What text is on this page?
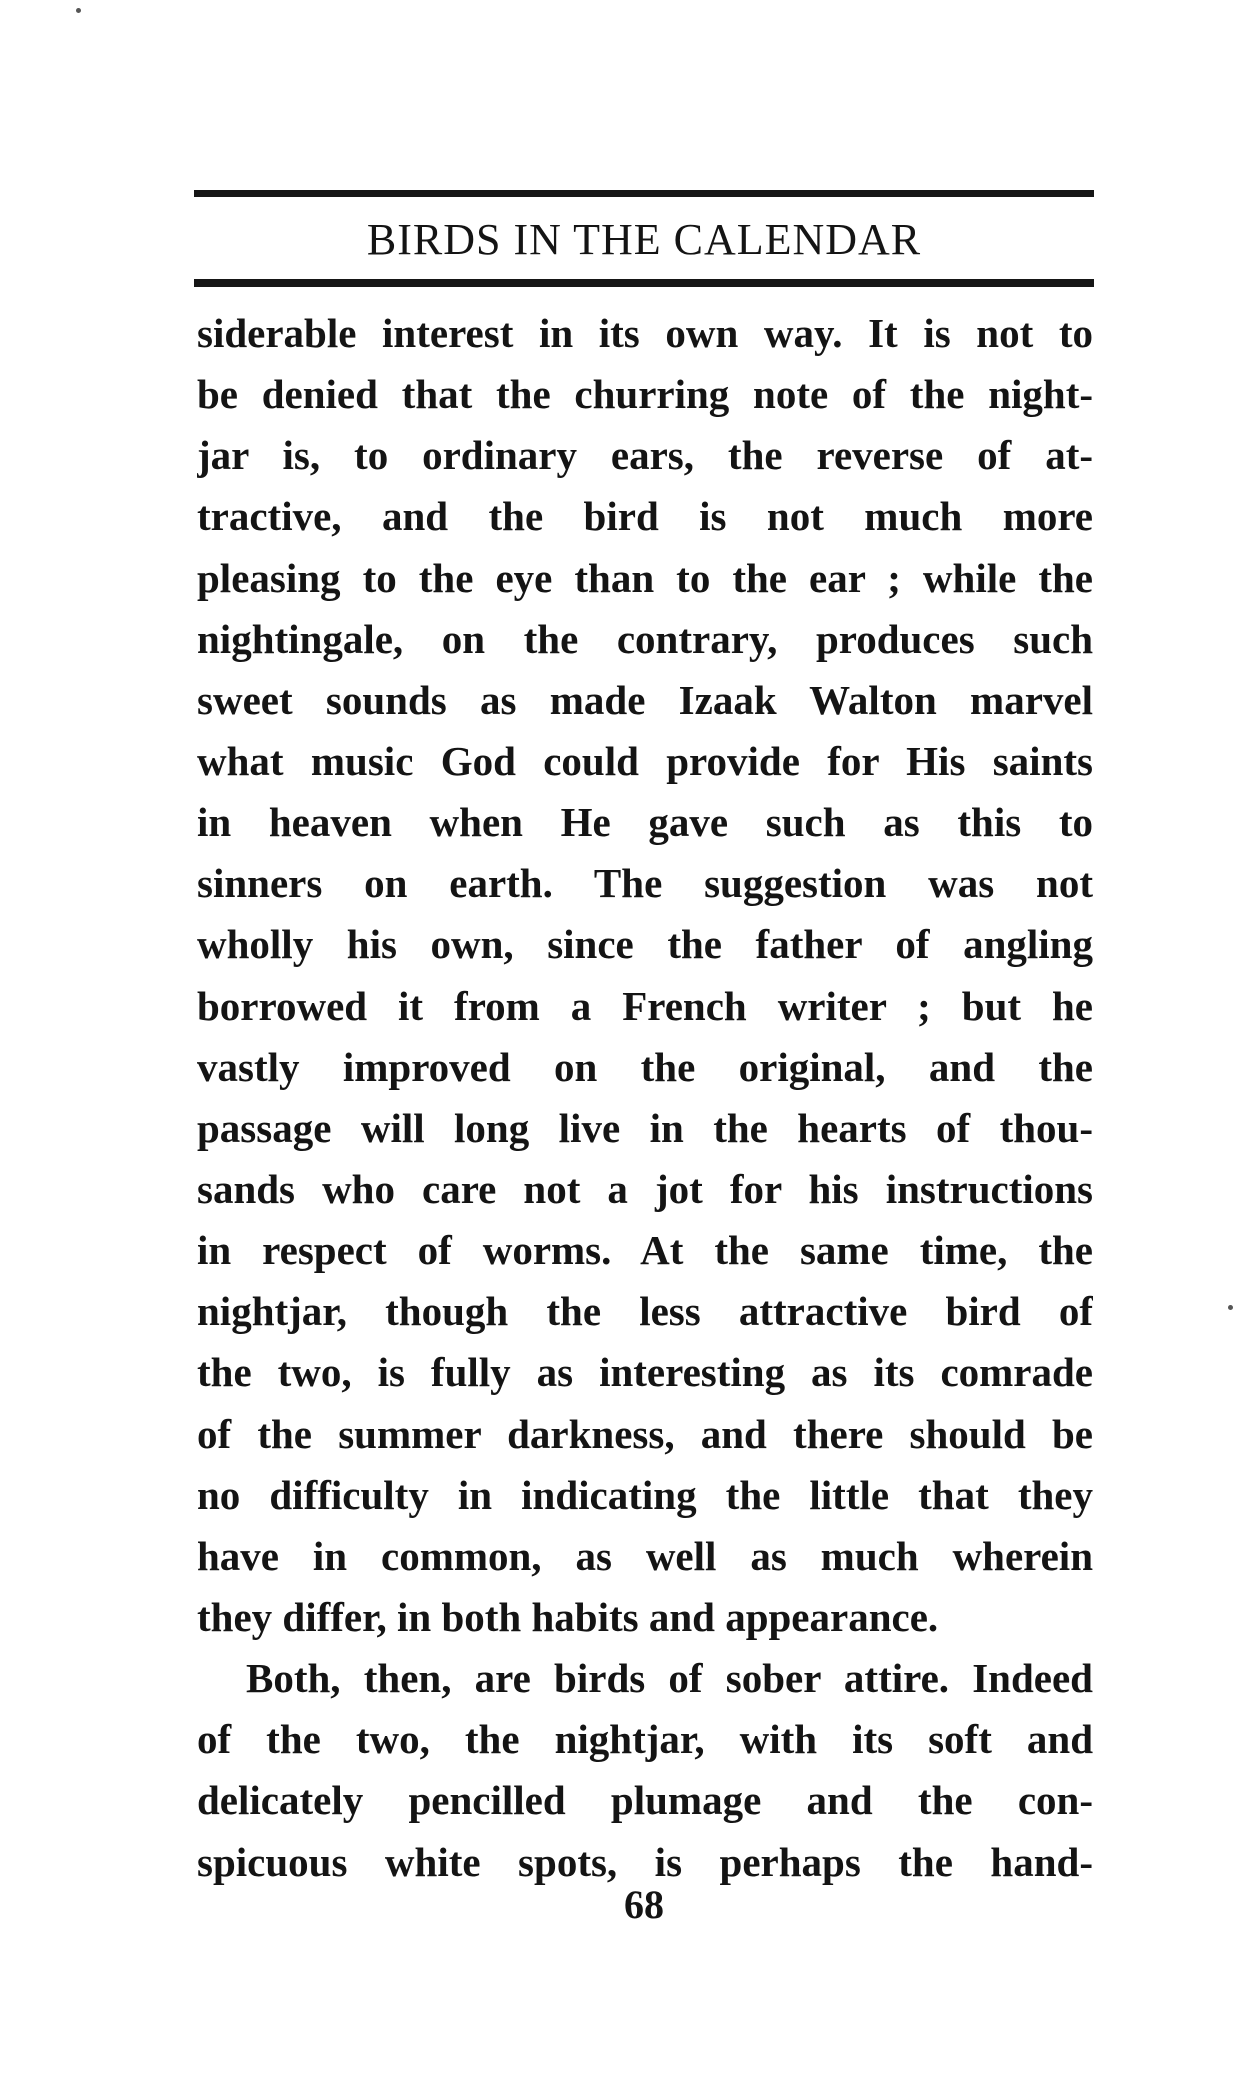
BIRDS IN THE CALENDAR
siderable interest in its own way. It is not to
be denied that the churring note of the night-
jar is, to ordinary ears, the reverse of at-
tractive, and the bird is not much more
pleasing to the eye than to the ear ; while the
nightingale, on the contrary, produces such
sweet sounds as made Izaak Walton marvel
what music God could provide for His saints
in heaven when He gave such as this to
sinners on earth. The suggestion was not
wholly his own, since the father of angling
borrowed it from a French writer ; but he
vastly improved on the original, and the
passage will long live in the hearts of thou-
sands who care not a jot for his instructions
in respect of worms. At the same time, the
nightjar, though the less attractive bird of
the two, is fully as interesting as its comrade
of the summer darkness, and there should be
no difficulty in indicating the little that they
have in common, as well as much wherein
they differ, in both habits and appearance.
Both, then, are birds of sober attire. Indeed
of the two, the nightjar, with its soft and
delicately pencilled plumage and the con-
spicuous white spots, is perhaps the hand-
68
